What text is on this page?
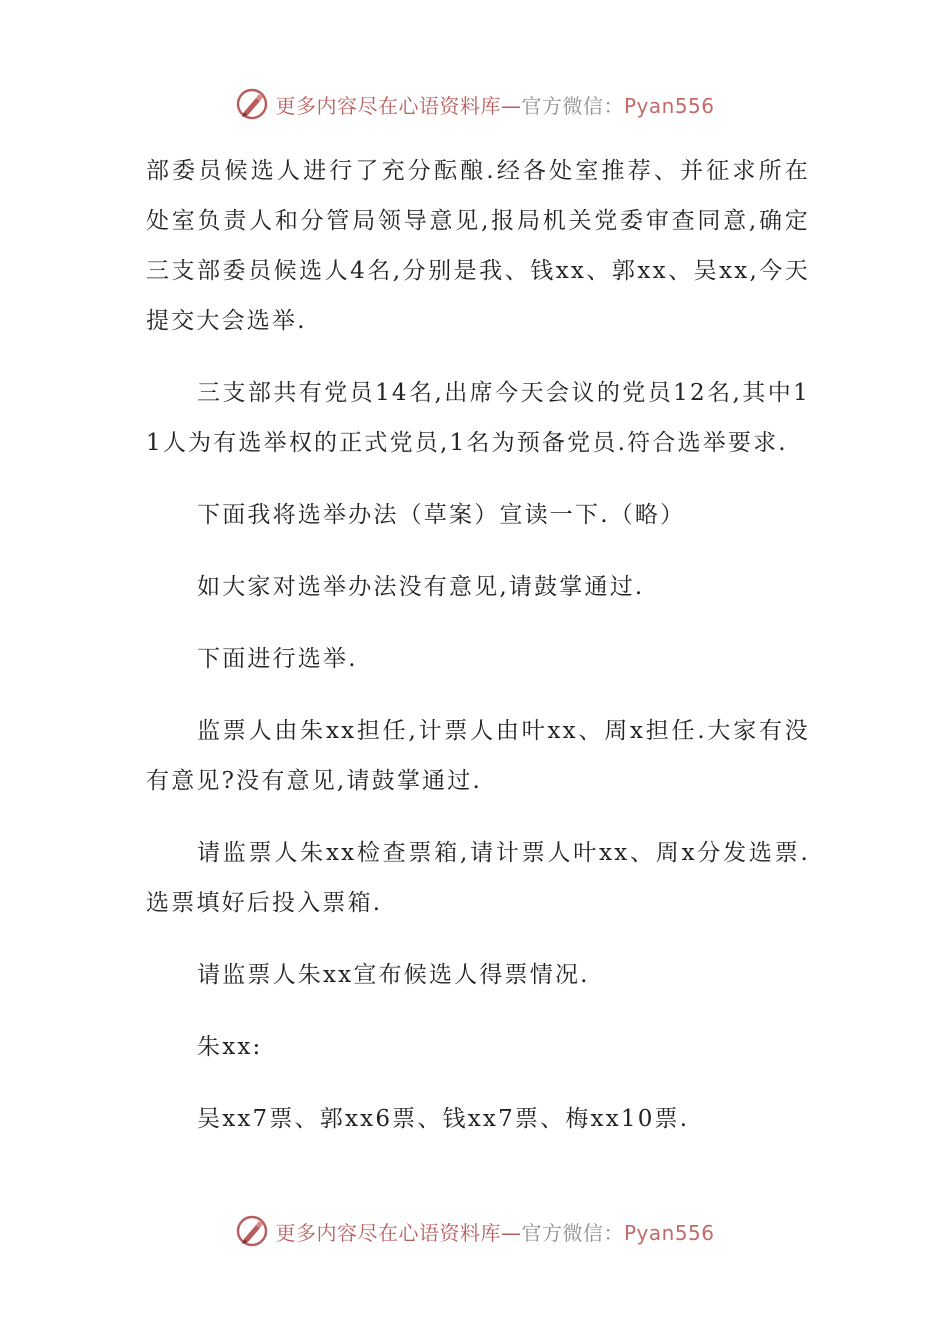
更多内容尽在心语资料库—官方微信：Pyan556

部委员候选人进行了充分酝酿.经各处室推荐、并征求所在处室负责人和分管局领导意见,报局机关党委审查同意,确定三支部委员候选人4名,分别是我、钱xx、郭xx、吴xx,今天提交大会选举.

三支部共有党员14名,出席今天会议的党员12名,其中11人为有选举权的正式党员,1名为预备党员.符合选举要求.

下面我将选举办法（草案）宣读一下.（略）

如大家对选举办法没有意见,请鼓掌通过.

下面进行选举.

监票人由朱xx担任,计票人由叶xx、周x担任.大家有没有意见?没有意见,请鼓掌通过.

请监票人朱xx检查票箱,请计票人叶xx、周x分发选票.选票填好后投入票箱.

请监票人朱xx宣布候选人得票情况.

朱xx:

吴xx7票、郭xx6票、钱xx7票、梅xx10票.

更多内容尽在心语资料库—官方微信：Pyan556
